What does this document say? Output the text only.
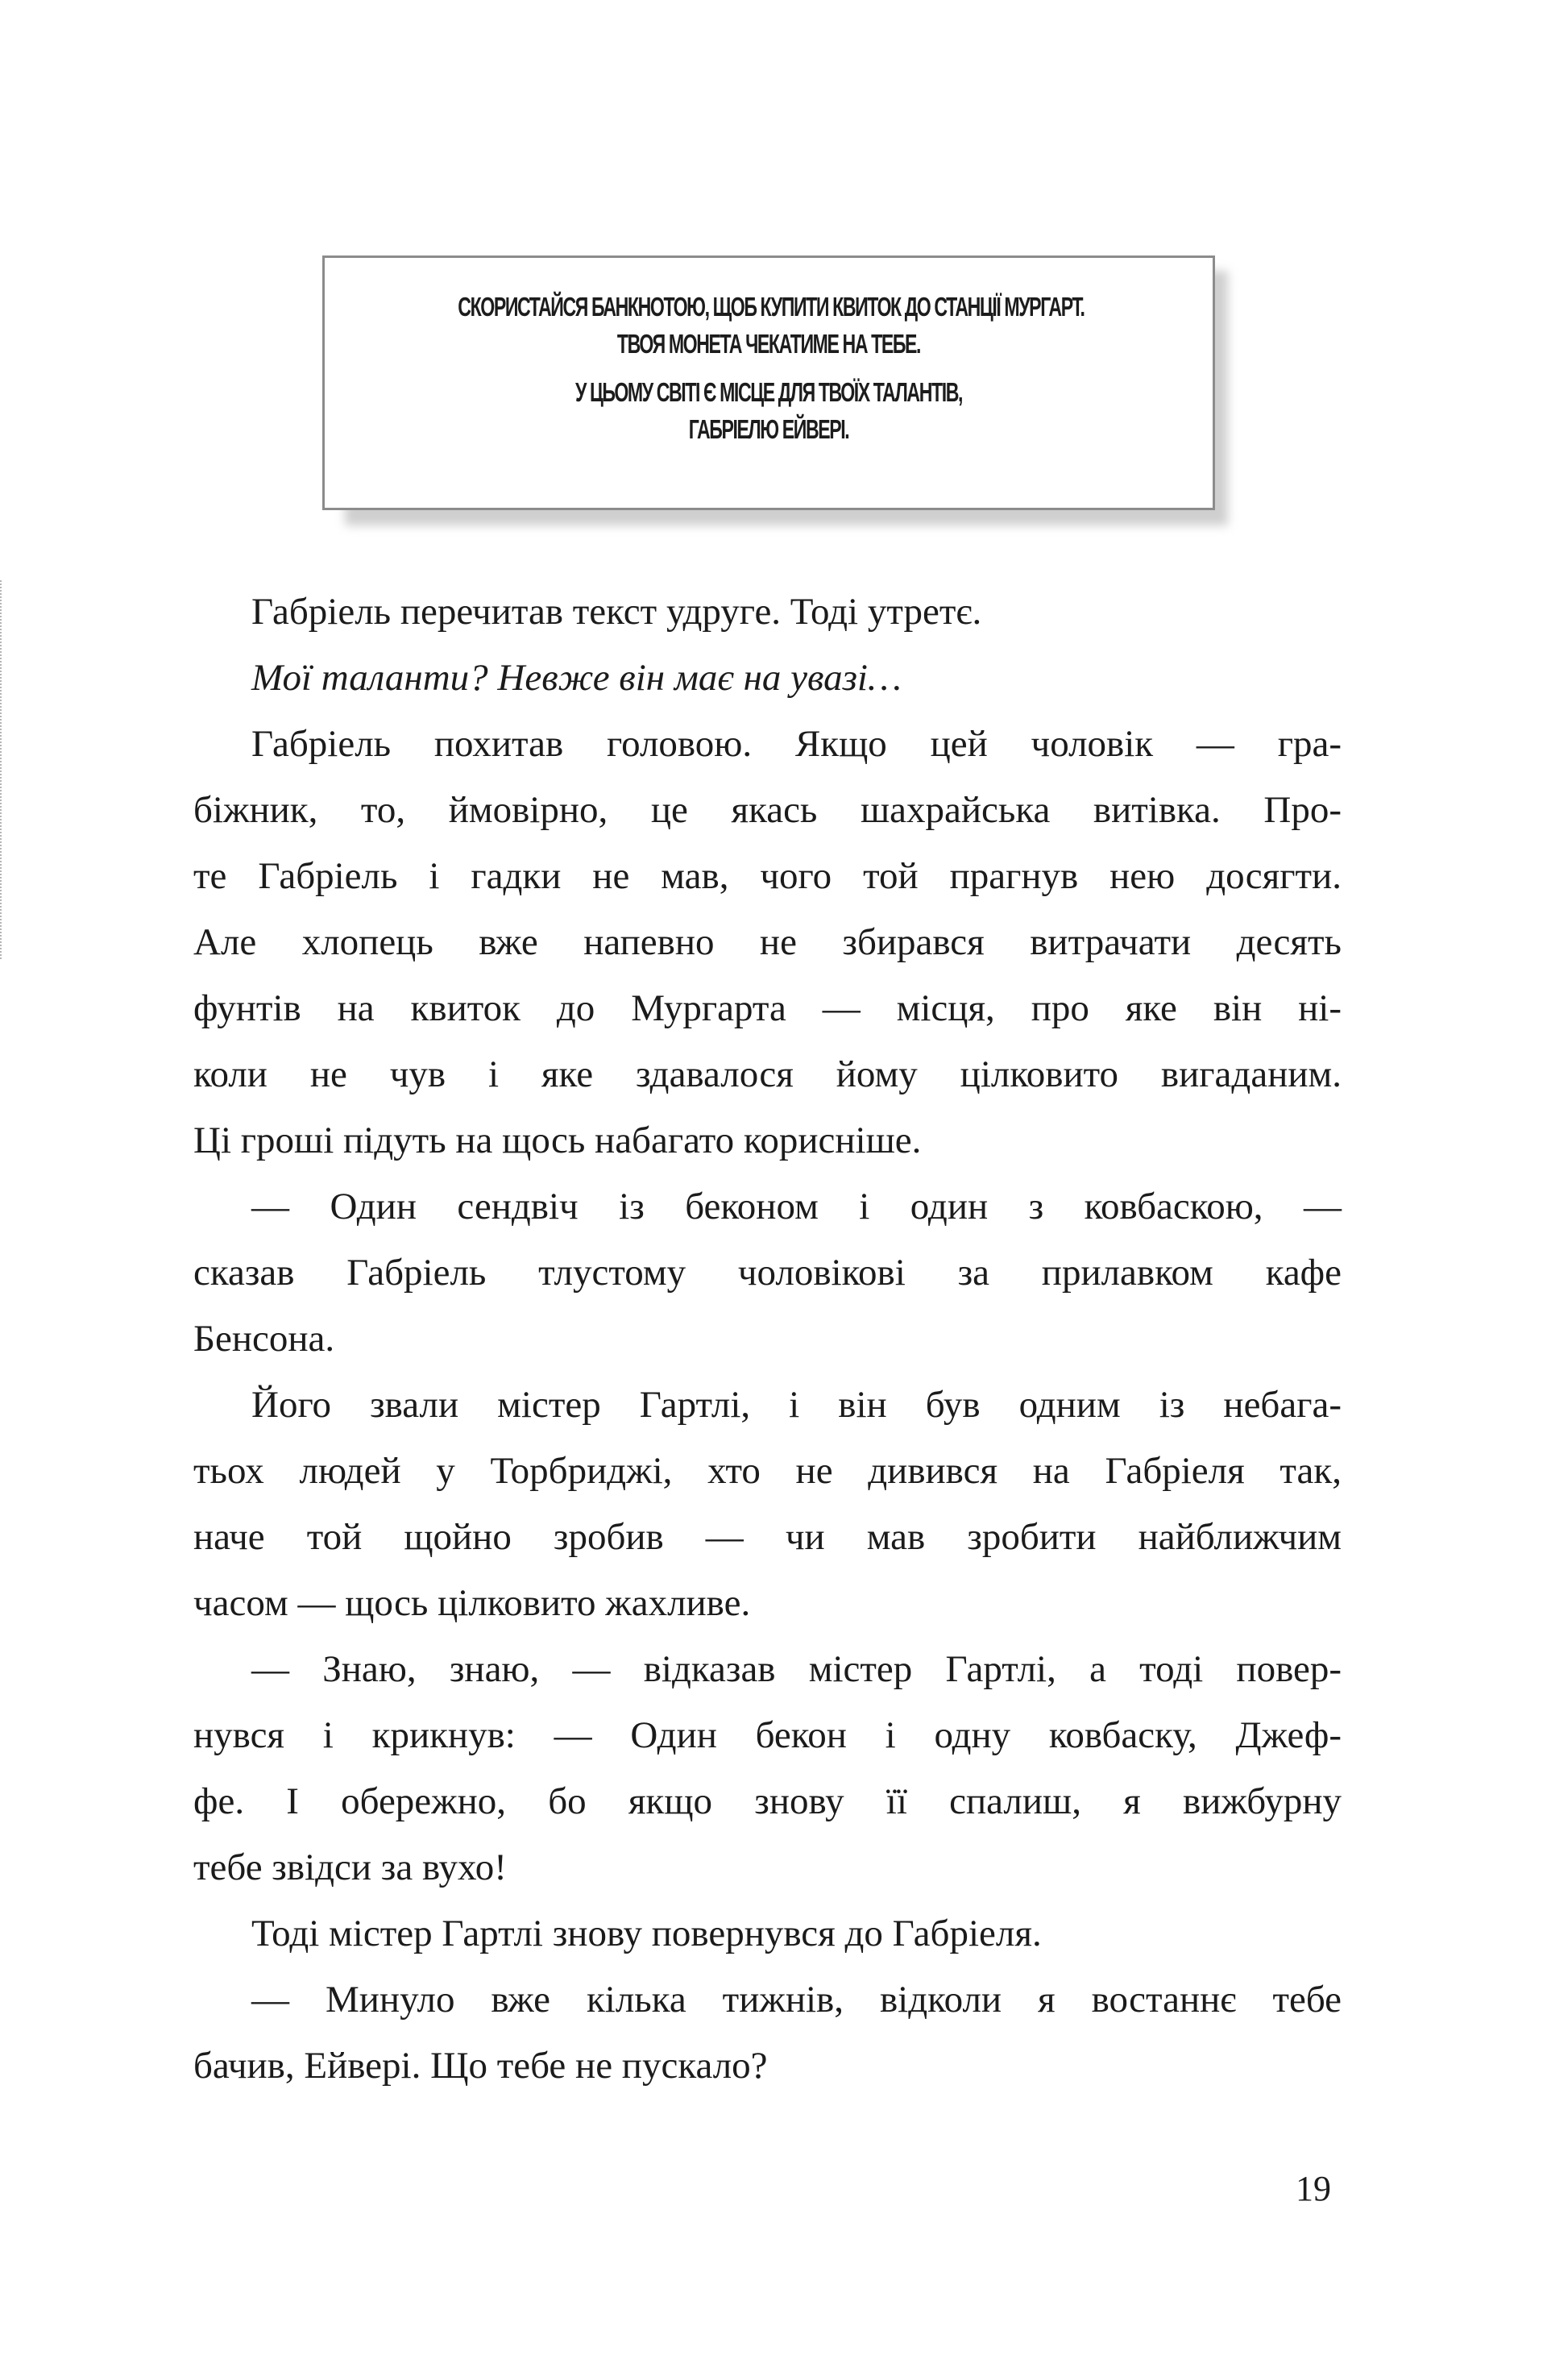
СКОРИСТАЙСЯ БАНКНОТОЮ, ЩОБ КУПИТИ КВИТОК ДО СТАНЦІЇ МУРГАРТ.
ТВОЯ МОНЕТА ЧЕКАТИМЕ НА ТЕБЕ.
У ЦЬОМУ СВІТІ Є МІСЦЕ ДЛЯ ТВОЇХ ТАЛАНТІВ,
ГАБРІЕЛЮ ЕЙВЕРІ.
Габріель перечитав текст удруге. Тоді утретє.
Мої таланти? Невже він має на увазі…
Габріель похитав головою. Якщо цей чоловік — гра-
біжник, то, ймовірно, це якась шахрайська витівка. Про-
те Габріель і гадки не мав, чого той прагнув нею досягти.
Але хлопець вже напевно не збирався витрачати десять
фунтів на квиток до Мургарта — місця, про яке він ні-
коли не чув і яке здавалося йому цілковито вигаданим.
Ці гроші підуть на щось набагато корисніше.
— Один сендвіч із беконом і один з ковбаскою, —
сказав Габріель тлустому чоловікові за прилавком кафе
Бенсона.
Його звали містер Гартлі, і він був одним із небага-
тьох людей у Торбриджі, хто не дивився на Габріеля так,
наче той щойно зробив — чи мав зробити найближчим
часом — щось цілковито жахливе.
— Знаю, знаю, — відказав містер Гартлі, а тоді повер-
нувся і крикнув: — Один бекон і одну ковбаску, Джеф-
фе. І обережно, бо якщо знову її спалиш, я вижбурну
тебе звідси за вухо!
Тоді містер Гартлі знову повернувся до Габріеля.
— Минуло вже кілька тижнів, відколи я востаннє тебе
бачив, Ейвері. Що тебе не пускало?
19
